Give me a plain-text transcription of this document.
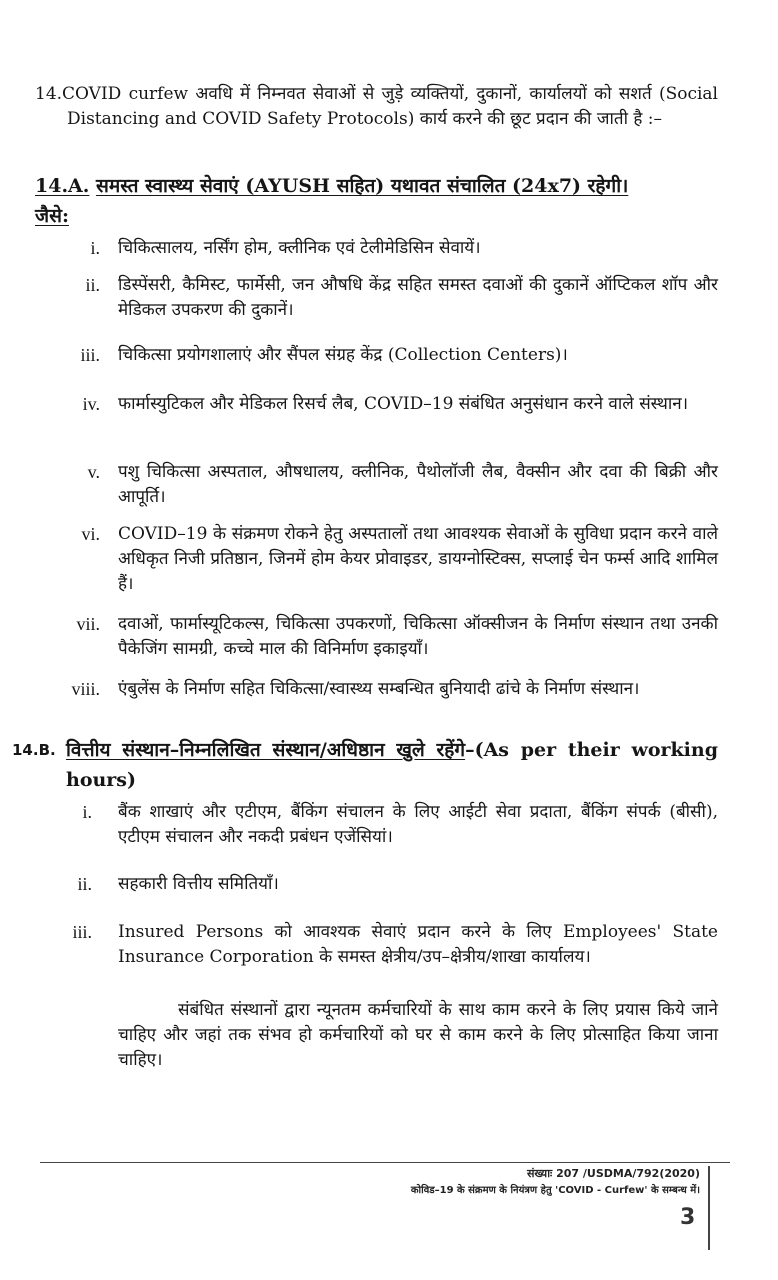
14.COVID curfew अवधि में निम्नवत सेवाओं से जुड़े व्यक्तियों, दुकानों, कार्यालयों को सशर्त (Social Distancing and COVID Safety Protocols) कार्य करने की छूट प्रदान की जाती है :–
14.A. समस्त स्वास्थ्य सेवाएं (AYUSH सहित) यथावत संचालित (24x7) रहेगी।
जैसे:
i. चिकित्सालय, नर्सिंग होम, क्लीनिक एवं टेलीमेडिसिन सेवायें।
ii. डिस्पेंसरी, कैमिस्ट, फार्मेसी, जन औषधि केंद्र सहित समस्त दवाओं की दुकानें ऑप्टिकल शॉप और मेडिकल उपकरण की दुकानें।
iii. चिकित्सा प्रयोगशालाएं और सैंपल संग्रह केंद्र (Collection Centers)।
iv. फार्मास्युटिकल और मेडिकल रिसर्च लैब, COVID–19 संबंधित अनुसंधान करने वाले संस्थान।
v. पशु चिकित्सा अस्पताल, औषधालय, क्लीनिक, पैथोलॉजी लैब, वैक्सीन और दवा की बिक्री और आपूर्ति।
vi. COVID–19 के संक्रमण रोकने हेतु अस्पतालों तथा आवश्यक सेवाओं के सुविधा प्रदान करने वाले अधिकृत निजी प्रतिष्ठान, जिनमें होम केयर प्रोवाइडर, डायग्नोस्टिक्स, सप्लाई चेन फर्म्स आदि शामिल हैं।
vii. दवाओं, फार्मास्यूटिकल्स, चिकित्सा उपकरणों, चिकित्सा ऑक्सीजन के निर्माण संस्थान तथा उनकी पैकेजिंग सामग्री, कच्चे माल की विनिर्माण इकाइयाँ।
viii. एंबुलेंस के निर्माण सहित चिकित्सा/स्वास्थ्य सम्बन्धित बुनियादी ढांचे के निर्माण संस्थान।
14.B. वित्तीय संस्थान–निम्नलिखित संस्थान/अधिष्ठान खुले रहेंगे–(As per their working hours)
i. बैंक शाखाएं और एटीएम, बैंकिंग संचालन के लिए आईटी सेवा प्रदाता, बैंकिंग संपर्क (बीसी), एटीएम संचालन और नकदी प्रबंधन एजेंसियां।
ii. सहकारी वित्तीय समितियाँ।
iii. Insured Persons को आवश्यक सेवाएं प्रदान करने के लिए Employees' State Insurance Corporation के समस्त क्षेत्रीय/उप–क्षेत्रीय/शाखा कार्यालय।
संबंधित संस्थानों द्वारा न्यूनतम कर्मचारियों के साथ काम करने के लिए प्रयास किये जाने चाहिए और जहां तक संभव हो कर्मचारियों को घर से काम करने के लिए प्रोत्साहित किया जाना चाहिए।
संख्याः 207 /USDMA/792(2020)
कोविड–19 के संक्रमण के नियंत्रण हेतु 'COVID - Curfew' के सम्बन्ध में।
3
